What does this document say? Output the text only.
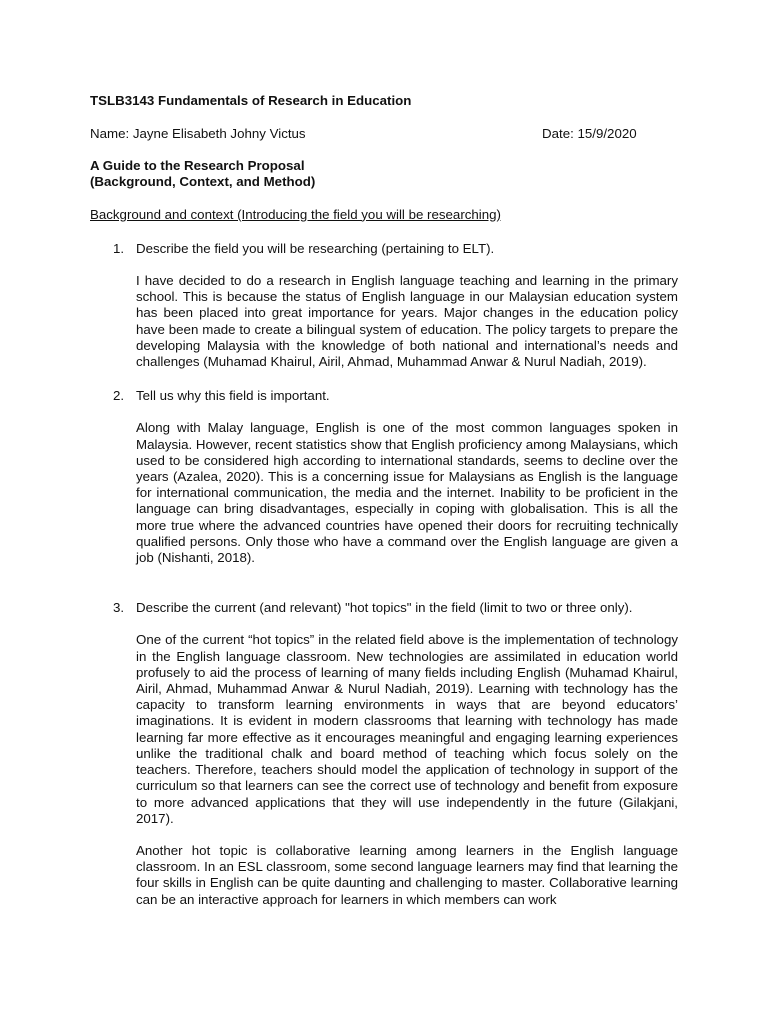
TSLB3143 Fundamentals of Research in Education
Name: Jayne Elisabeth Johny Victus	Date: 15/9/2020
A Guide to the Research Proposal
(Background, Context, and Method)
Background and context (Introducing the field you will be researching)
1. Describe the field you will be researching (pertaining to ELT).
I have decided to do a research in English language teaching and learning in the primary school. This is because the status of English language in our Malaysian education system has been placed into great importance for years. Major changes in the education policy have been made to create a bilingual system of education. The policy targets to prepare the developing Malaysia with the knowledge of both national and international’s needs and challenges (Muhamad Khairul, Airil, Ahmad, Muhammad Anwar & Nurul Nadiah, 2019).
2. Tell us why this field is important.
Along with Malay language, English is one of the most common languages spoken in Malaysia. However, recent statistics show that English proficiency among Malaysians, which used to be considered high according to international standards, seems to decline over the years (Azalea, 2020). This is a concerning issue for Malaysians as English is the language for international communication, the media and the internet. Inability to be proficient in the language can bring disadvantages, especially in coping with globalisation. This is all the more true where the advanced countries have opened their doors for recruiting technically qualified persons. Only those who have a command over the English language are given a job (Nishanti, 2018).
3. Describe the current (and relevant) "hot topics" in the field (limit to two or three only).
One of the current “hot topics” in the related field above is the implementation of technology in the English language classroom. New technologies are assimilated in education world profusely to aid the process of learning of many fields including English (Muhamad Khairul, Airil, Ahmad, Muhammad Anwar & Nurul Nadiah, 2019). Learning with technology has the capacity to transform learning environments in ways that are beyond educators’ imaginations. It is evident in modern classrooms that learning with technology has made learning far more effective as it encourages meaningful and engaging learning experiences unlike the traditional chalk and board method of teaching which focus solely on the teachers. Therefore, teachers should model the application of technology in support of the curriculum so that learners can see the correct use of technology and benefit from exposure to more advanced applications that they will use independently in the future (Gilakjani, 2017).
Another hot topic is collaborative learning among learners in the English language classroom. In an ESL classroom, some second language learners may find that learning the four skills in English can be quite daunting and challenging to master. Collaborative learning can be an interactive approach for learners in which members can work
